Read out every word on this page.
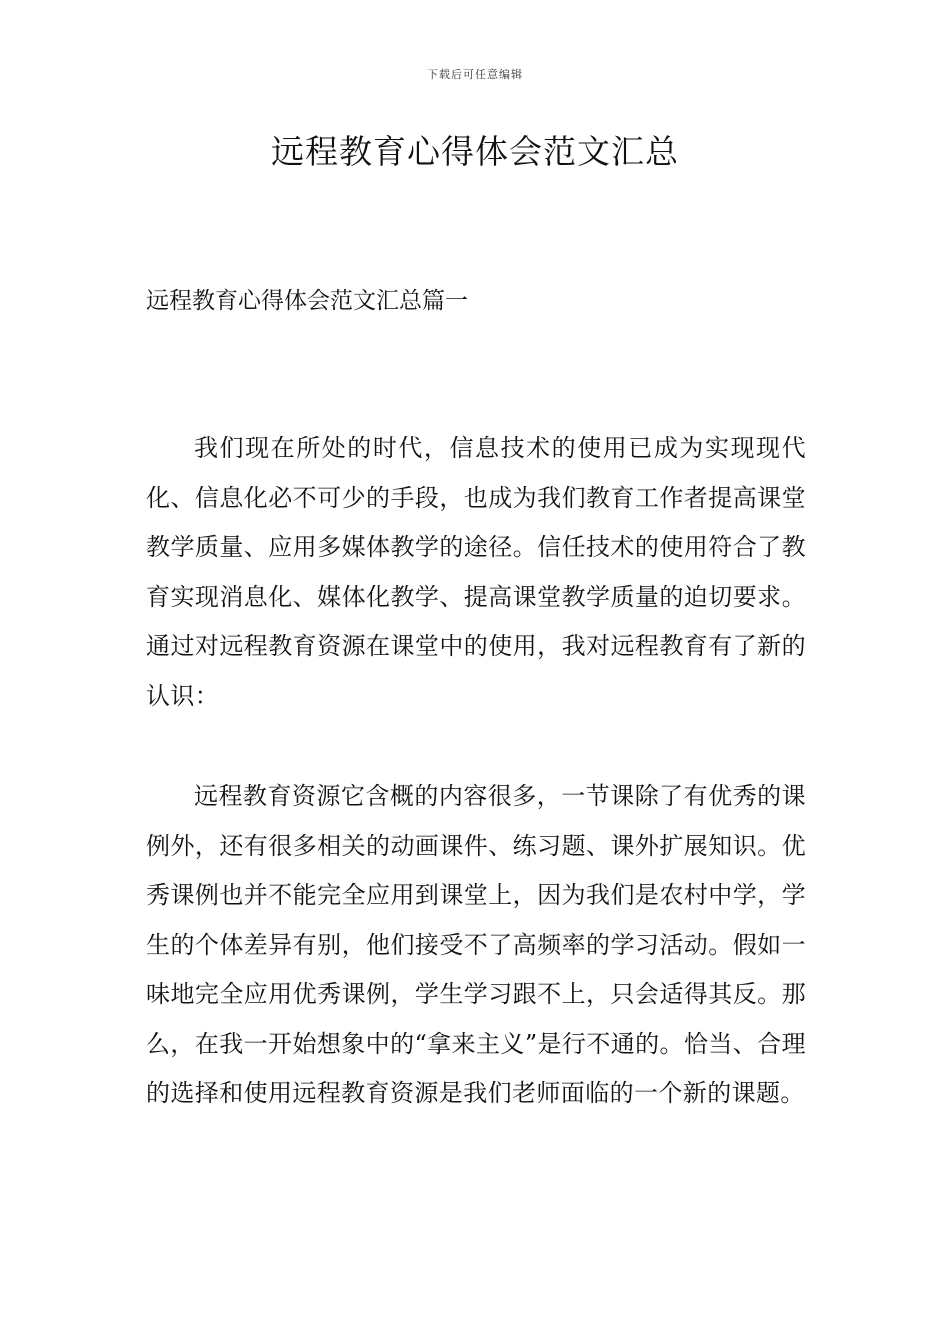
下载后可任意编辑
远程教育心得体会范文汇总
远程教育心得体会范文汇总篇一

我们现在所处的时代，信息技术的使用已成为实现现代化、信息化必不可少的手段，也成为我们教育工作者提高课堂教学质量、应用多媒体教学的途径。信任技术的使用符合了教育实现消息化、媒体化教学、提高课堂教学质量的迫切要求。通过对远程教育资源在课堂中的使用，我对远程教育有了新的认识：

远程教育资源它含概的内容很多，一节课除了有优秀的课例外，还有很多相关的动画课件、练习题、课外扩展知识。优秀课例也并不能完全应用到课堂上，因为我们是农村中学，学生的个体差异有别，他们接受不了高频率的学习活动。假如一味地完全应用优秀课例，学生学习跟不上，只会适得其反。那么，在我一开始想象中的“拿来主义”是行不通的。恰当、合理的选择和使用远程教育资源是我们老师面临的一个新的课题。
